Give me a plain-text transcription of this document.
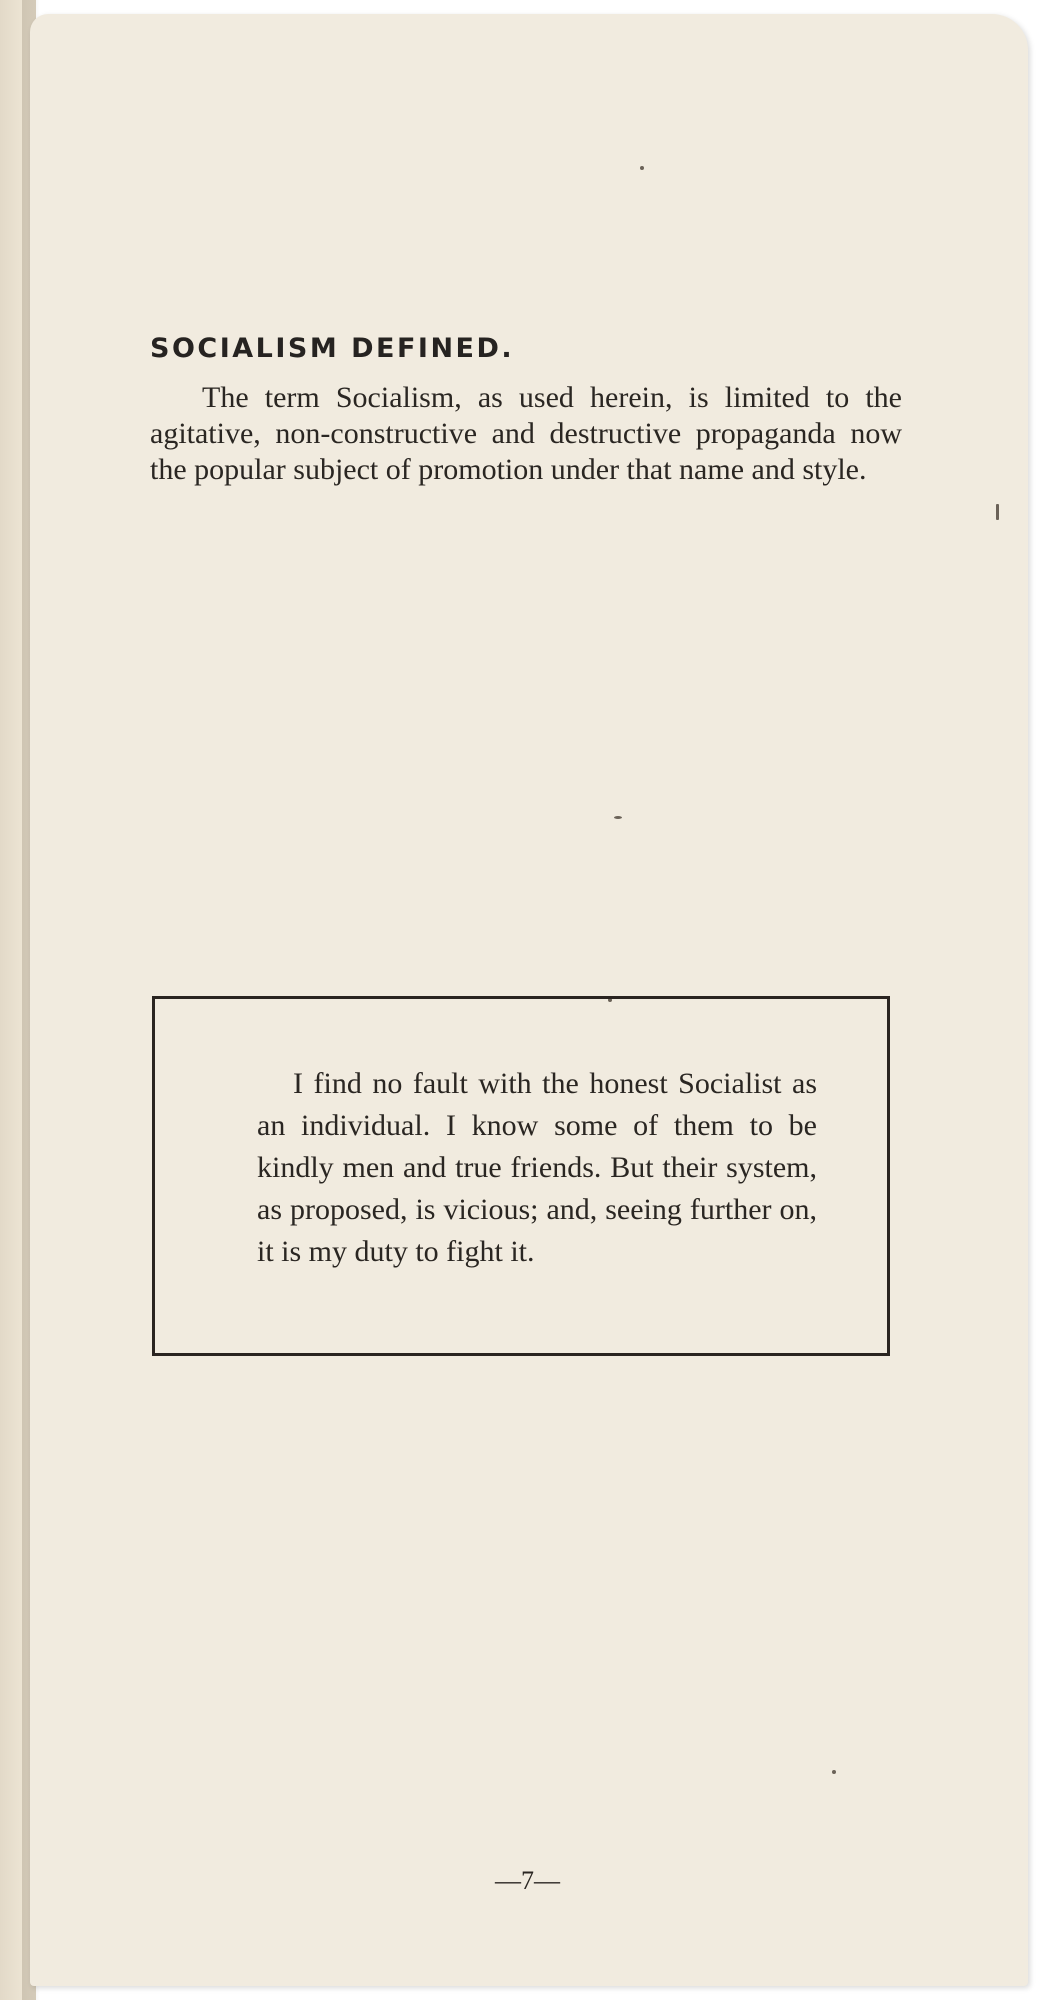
SOCIALISM DEFINED.

The term Socialism, as used herein, is limited to the agitative, non-constructive and destructive propaganda now the popular subject of promotion under that name and style.

I find no fault with the honest Socialist as an individual. I know some of them to be kindly men and true friends. But their system, as proposed, is vicious; and, seeing further on, it is my duty to fight it.

—7—
